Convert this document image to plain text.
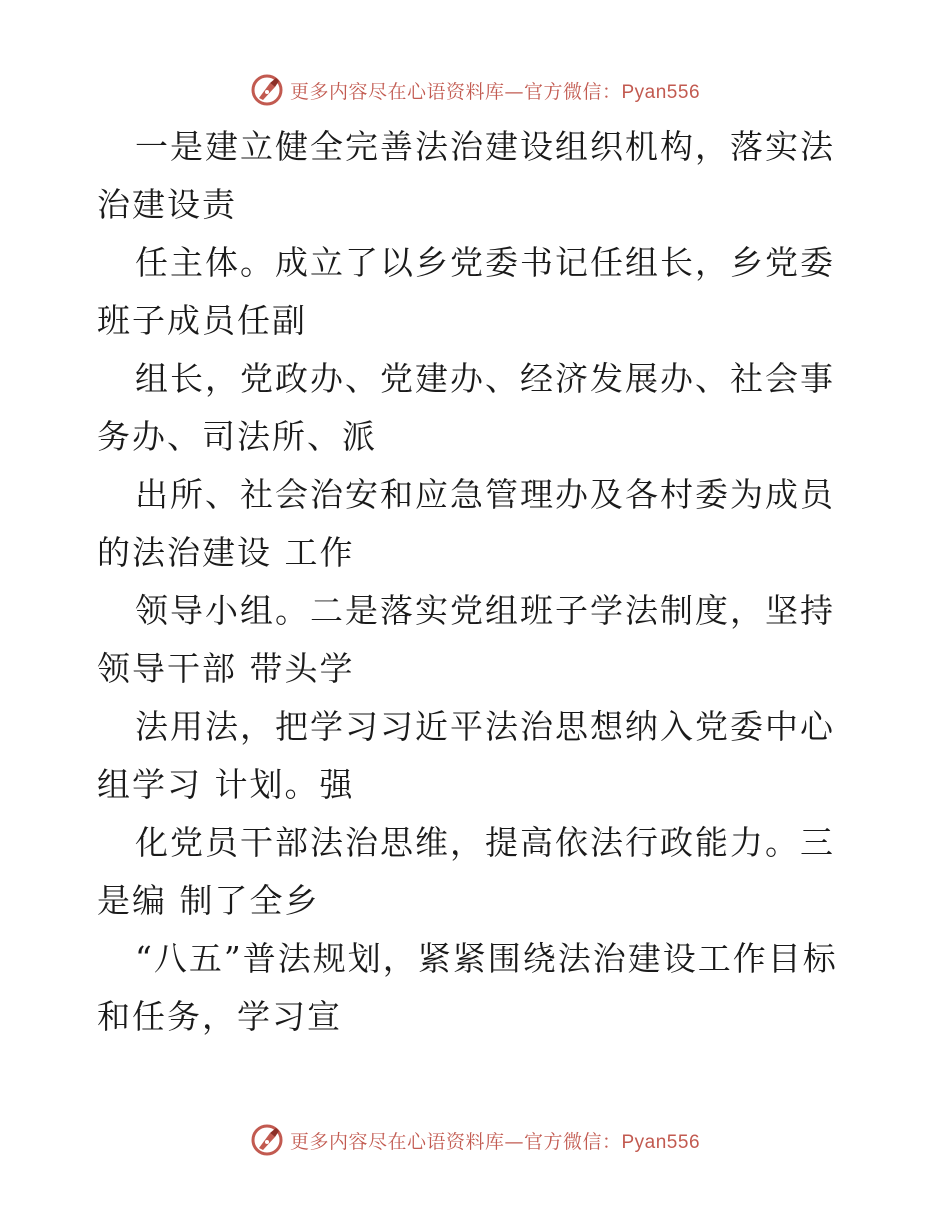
更多内容尽在心语资料库—官方微信：Pyan556

一是建立健全完善法治建设组织机构，落实法治建设责

任主体。成立了以乡党委书记任组长，乡党委班子成员任副

组长，党政办、党建办、经济发展办、社会事务办、司法所、派

出所、社会治安和应急管理办及各村委为成员的法治建设 工作

领导小组。二是落实党组班子学法制度，坚持领导干部 带头学

法用法，把学习习近平法治思想纳入党委中心组学习 计划。强

化党员干部法治思维，提高依法行政能力。三是编 制了全乡

“八五”普法规划，紧紧围绕法治建设工作目标和任务，学习宣

更多内容尽在心语资料库—官方微信：Pyan556
